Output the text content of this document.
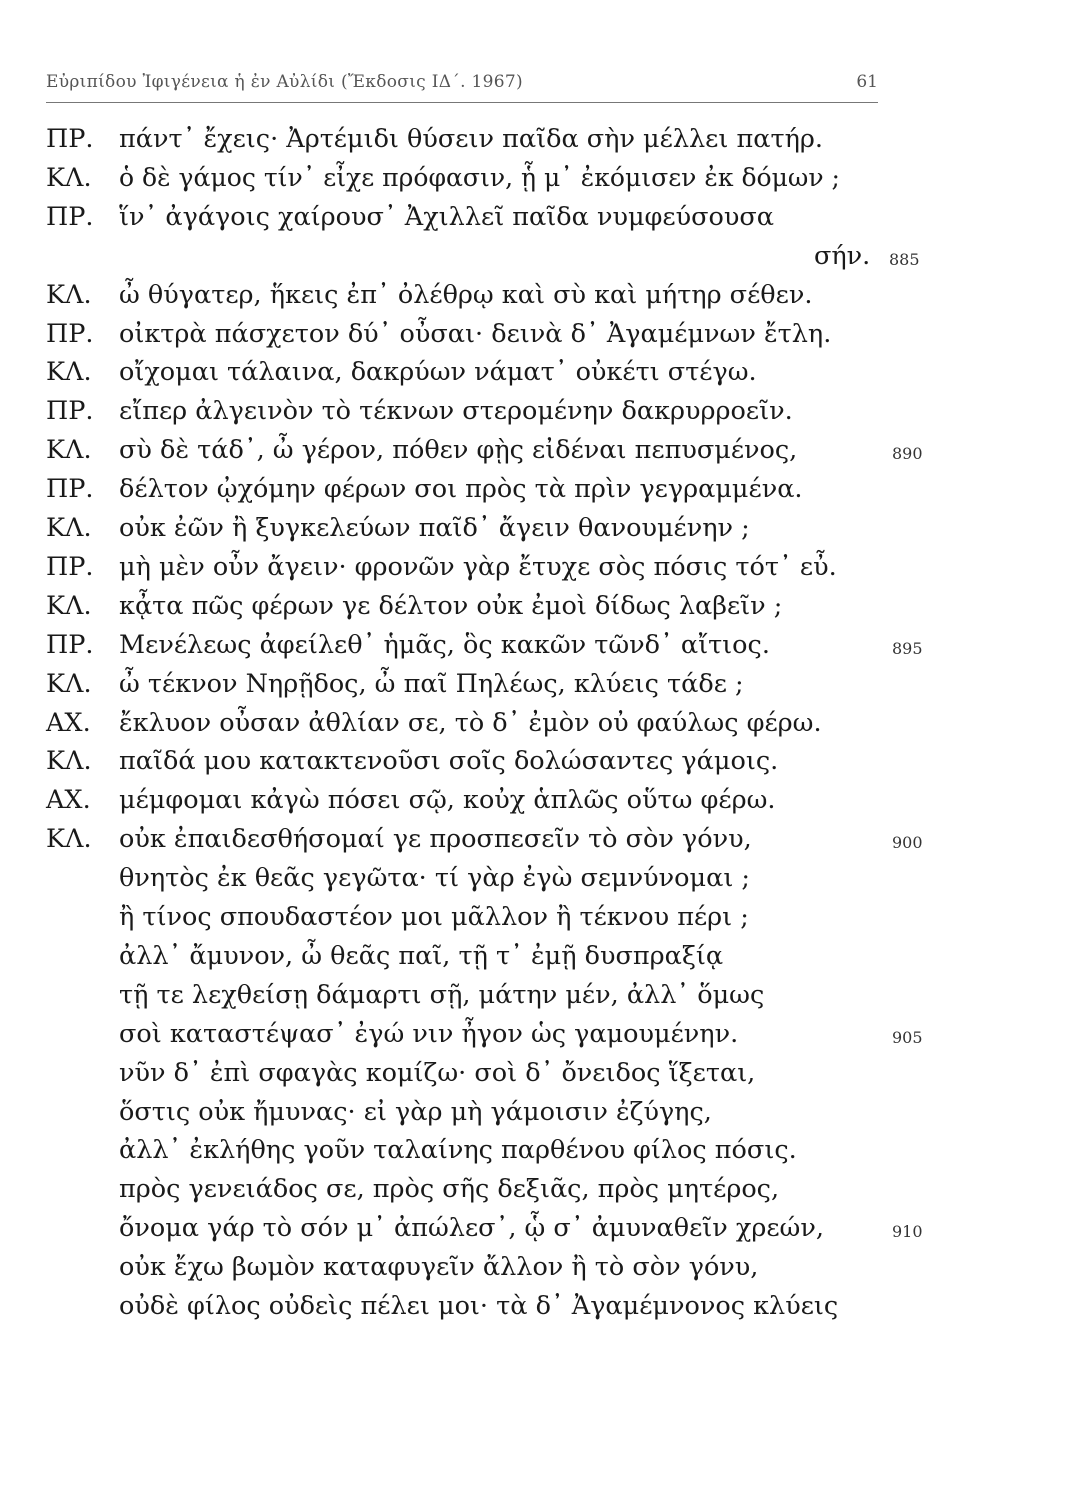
Εὐριπίδου Ἰφιγένεια ἡ ἐν Αὐλίδι (Ἔκδοσις ΙΔ΄. 1967)	61
ΠΡ. πάντ᾽ ἔχεις· Ἀρτέμιδι θύσειν παῖδα σὴν μέλλει πατήρ.
ΚΛ.	ὁ δὲ γάμος τίν᾽ εἶχε πρόφασιν, ᾗ μ᾽ ἐκόμισεν ἐκ δόμων ;
ΠΡ. ἵν᾽ ἀγάγοις χαίρουσ᾽ Ἀχιλλεῖ παῖδα νυμφεύσουσα
σήν. 885
ΚΛ.	ὦ θύγατερ, ἥκεις ἐπ᾽ ὀλέθρῳ καὶ σὺ καὶ μήτηρ σέθεν.
ΠΡ. οἰκτρὰ πάσχετον δύ᾽ οὖσαι· δεινὰ δ᾽ Ἀγαμέμνων ἔτλη.
ΚΛ.	οἴχομαι τάλαινα, δακρύων νάματ᾽ οὐκέτι στέγω.
ΠΡ. εἴπερ ἀλγεινὸν τὸ τέκνων στερομένην δακρυρροεῖν.
ΚΛ.	σὺ δὲ τάδ᾽, ὦ γέρον, πόθεν φῂς εἰδέναι πεπυσμένος,	890
ΠΡ. δέλτον ᾠχόμην φέρων σοι πρὸς τὰ πρὶν γεγραμμένα.
ΚΛ.	οὐκ ἐῶν ἢ ξυγκελεύων παῖδ᾽ ἄγειν θανουμένην ;
ΠΡ. μὴ μὲν οὖν ἄγειν· φρονῶν γὰρ ἔτυχε σὸς πόσις τότ᾽ εὖ.
ΚΛ.	κᾆτα πῶς φέρων γε δέλτον οὐκ ἐμοὶ δίδως λαβεῖν ;
ΠΡ. Μενέλεως ἀφείλεθ᾽ ἡμᾶς, ὃς κακῶν τῶνδ᾽ αἴτιος.	895
ΚΛ.	ὦ τέκνον Νηρῇδος, ὦ παῖ Πηλέως, κλύεις τάδε ;
ΑΧ.	ἔκλυον οὖσαν ἀθλίαν σε, τὸ δ᾽ ἐμὸν οὐ φαύλως φέρω.
ΚΛ.	παῖδά μου κατακτενοῦσι σοῖς δολώσαντες γάμοις.
ΑΧ.	μέμφομαι κἀγὼ πόσει σῷ, κοὐχ ἁπλῶς οὕτω φέρω.
ΚΛ.	οὐκ ἐπαιδεσθήσομαί γε προσπεσεῖν τὸ σὸν γόνυ,	900
θνητὸς ἐκ θεᾶς γεγῶτα· τί γὰρ ἐγὼ σεμνύνομαι ;
ἢ τίνος σπουδαστέον μοι μᾶλλον ἢ τέκνου πέρι ;
ἀλλ᾽ ἄμυνον, ὦ θεᾶς παῖ, τῇ τ᾽ ἐμῇ δυσπραξίᾳ
τῇ τε λεχθείσῃ δάμαρτι σῇ, μάτην μέν, ἀλλ᾽ ὅμως
σοὶ καταστέψασ᾽ ἐγώ νιν ἦγον ὡς γαμουμένην.	905
νῦν δ᾽ ἐπὶ σφαγὰς κομίζω· σοὶ δ᾽ ὄνειδος ἵξεται,
ὅστις οὐκ ἤμυνας· εἰ γὰρ μὴ γάμοισιν ἐζύγης,
ἀλλ᾽ ἐκλήθης γοῦν ταλαίνης παρθένου φίλος πόσις.
πρὸς γενειάδος σε, πρὸς σῆς δεξιᾶς, πρὸς μητέρος,
ὄνομα γάρ τὸ σόν μ᾽ ἀπώλεσ᾽, ᾧ σ᾽ ἀμυναθεῖν χρεών,	910
οὐκ ἔχω βωμὸν καταφυγεῖν ἄλλον ἢ τὸ σὸν γόνυ,
οὐδὲ φίλος οὐδεὶς πέλει μοι· τὰ δ᾽ Ἀγαμέμνονος κλύεις
